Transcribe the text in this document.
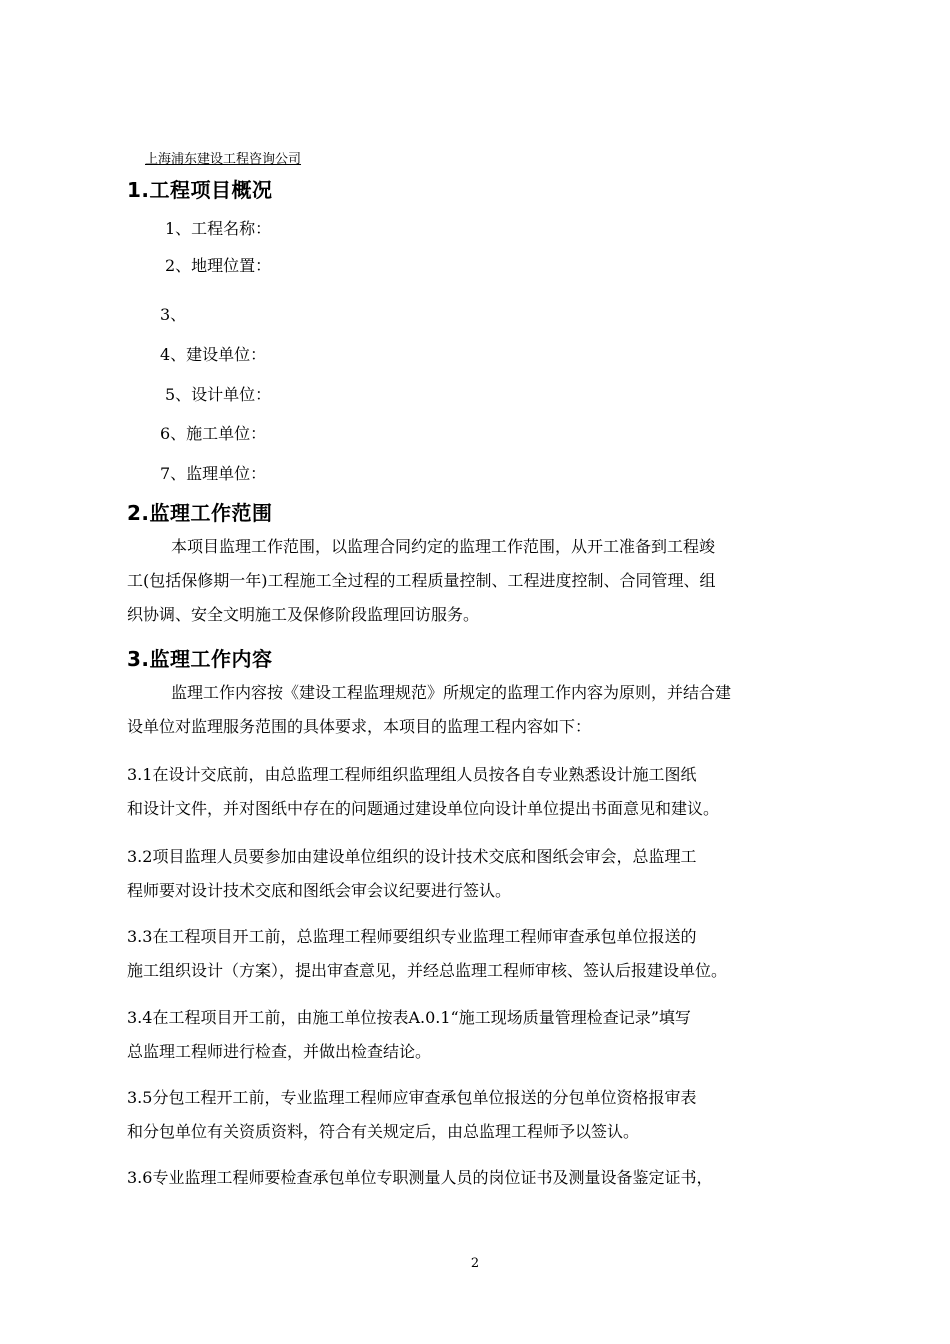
上海浦东建设工程咨询公司
1.工程项目概况
1、工程名称：
2、地理位置：
3、
4、建设单位：
5、设计单位：
6、施工单位：
7、监理单位：
2.监理工作范围
本项目监理工作范围，以监理合同约定的监理工作范围，从开工准备到工程竣
工(包括保修期一年)工程施工全过程的工程质量控制、工程进度控制、合同管理、组
织协调、安全文明施工及保修阶段监理回访服务。
3.监理工作内容
监理工作内容按《建设工程监理规范》所规定的监理工作内容为原则，并结合建
设单位对监理服务范围的具体要求，本项目的监理工程内容如下：
3.1在设计交底前，由总监理工程师组织监理组人员按各自专业熟悉设计施工图纸
和设计文件，并对图纸中存在的问题通过建设单位向设计单位提出书面意见和建议。
3.2项目监理人员要参加由建设单位组织的设计技术交底和图纸会审会，总监理工
程师要对设计技术交底和图纸会审会议纪要进行签认。
3.3在工程项目开工前，总监理工程师要组织专业监理工程师审查承包单位报送的
施工组织设计（方案），提出审查意见，并经总监理工程师审核、签认后报建设单位。
3.4在工程项目开工前，由施工单位按表A.0.1“施工现场质量管理检查记录”填写
总监理工程师进行检查，并做出检查结论。
3.5分包工程开工前，专业监理工程师应审查承包单位报送的分包单位资格报审表
和分包单位有关资质资料，符合有关规定后，由总监理工程师予以签认。
3.6专业监理工程师要检查承包单位专职测量人员的岗位证书及测量设备鉴定证书，
2
